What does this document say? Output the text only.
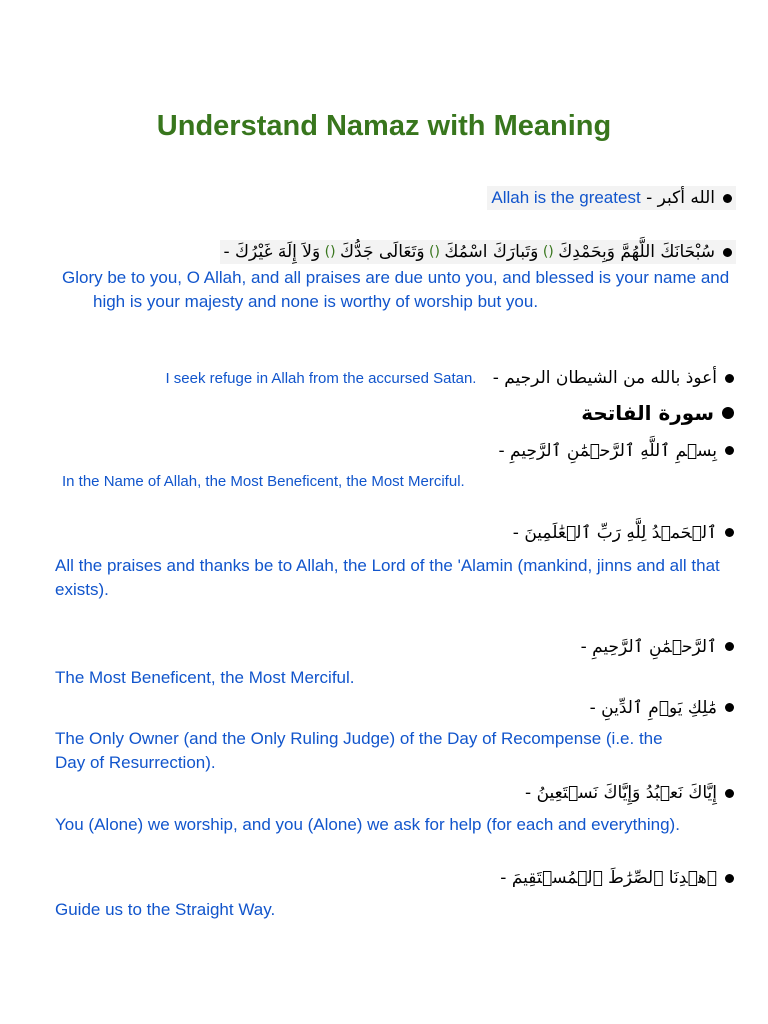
Understand Namaz with Meaning
الله أكبر
-
Allah is the greatest
سُبْحَانَكَ اللَّهُمَّ وَبِحَمْدِكَ
()
وَتَبارَكَ اسْمُكَ
()
وَتَعَالَى جَدُّكَ
()
وَلاَ إِلَهَ غَيْرُكَ
-
Glory be to you, O Allah, and all praises are due unto you, and blessed is your name and high is your majesty and none is worthy of worship but you.
أعوذ بالله من الشيطان الرجيم
-
I seek refuge in Allah from the accursed Satan.
سورة الفاتحة
بِسۡمِ ٱللَّهِ ٱلرَّحۡمَٰنِ ٱلرَّحِيمِ
-
In the Name of Allah, the Most Beneficent, the Most Merciful.
ٱلۡحَمۡدُ لِلَّهِ رَبِّ ٱلۡعَٰلَمِينَ
-
All the praises and thanks be to Allah, the Lord of the 'Alamin (mankind, jinns and all that exists).
ٱلرَّحۡمَٰنِ ٱلرَّحِيمِ
-
The Most Beneficent, the Most Merciful.
مَٰلِكِ يَوۡمِ ٱلدِّينِ
-
The Only Owner (and the Only Ruling Judge) of the Day of Recompense (i.e. the Day of Resurrection).
إِيَّاكَ نَعۡبُدُ وَإِيَّاكَ نَسۡتَعِينُ
-
You (Alone) we worship, and you (Alone) we ask for help (for each and everything).
ٱهۡدِنَا ٱلصِّرَٰطَ ٱلۡمُسۡتَقِيمَ
-
Guide us to the Straight Way.
